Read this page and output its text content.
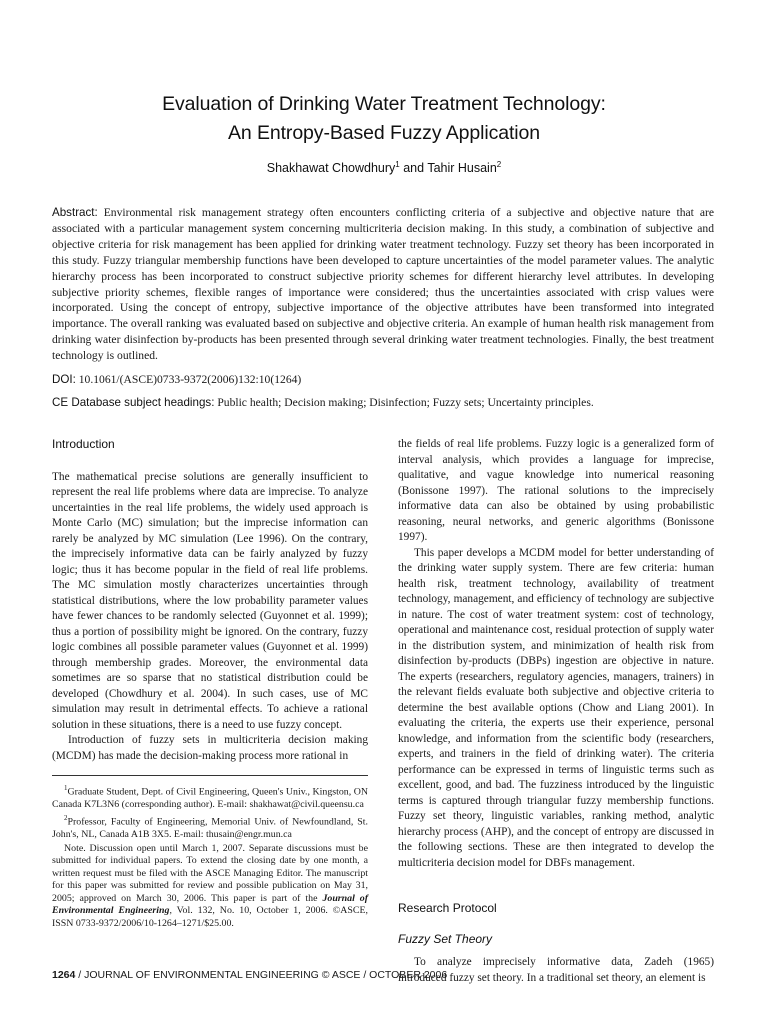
Evaluation of Drinking Water Treatment Technology:
An Entropy-Based Fuzzy Application
Shakhawat Chowdhury$^1$ and Tahir Husain$^2$
Abstract: Environmental risk management strategy often encounters conflicting criteria of a subjective and objective nature that are associated with a particular management system concerning multicriteria decision making. In this study, a combination of subjective and objective criteria for risk management has been applied for drinking water treatment technology. Fuzzy set theory has been incorporated in this study. Fuzzy triangular membership functions have been developed to capture uncertainties of the model parameter values. The analytic hierarchy process has been incorporated to construct subjective priority schemes for different hierarchy level attributes. In developing subjective priority schemes, flexible ranges of importance were considered; thus the uncertainties associated with crisp values were incorporated. Using the concept of entropy, subjective importance of the objective attributes have been transformed into integrated importance. The overall ranking was evaluated based on subjective and objective criteria. An example of human health risk management from drinking water disinfection by-products has been presented through several drinking water treatment technologies. Finally, the best treatment technology is outlined.
DOI: 10.1061/(ASCE)0733-9372(2006)132:10(1264)
CE Database subject headings: Public health; Decision making; Disinfection; Fuzzy sets; Uncertainty principles.
Introduction

The mathematical precise solutions are generally insufficient to represent the real life problems where data are imprecise. To analyze uncertainties in the real life problems, the widely used approach is Monte Carlo (MC) simulation; but the imprecise information can rarely be analyzed by MC simulation (Lee 1996). On the contrary, the imprecisely informative data can be fairly analyzed by fuzzy logic; thus it has become popular in the field of real life problems. The MC simulation mostly characterizes uncertainties through statistical distributions, where the low probability parameter values have fewer chances to be randomly selected (Guyonnet et al. 1999); thus a portion of possibility might be ignored. On the contrary, fuzzy logic combines all possible parameter values (Guyonnet et al. 1999) through membership grades. Moreover, the environmental data sometimes are so sparse that no statistical distribution could be developed (Chowdhury et al. 2004). In such cases, use of MC simulation may result in detrimental effects. To achieve a rational solution in these situations, there is a need to use fuzzy concept.

Introduction of fuzzy sets in multicriteria decision making (MCDM) has made the decision-making process more rational in

$^1$Graduate Student, Dept. of Civil Engineering, Queen's Univ., Kingston, ON Canada K7L3N6 (corresponding author). E-mail: shakhawat@civil.queensu.ca

$^2$Professor, Faculty of Engineering, Memorial Univ. of Newfoundland, St. John's, NL, Canada A1B 3X5. E-mail: thusain@engr.mun.ca

Note. Discussion open until March 1, 2007. Separate discussions must be submitted for individual papers. To extend the closing date by one month, a written request must be filed with the ASCE Managing Editor. The manuscript for this paper was submitted for review and possible publication on May 31, 2005; approved on March 30, 2006. This paper is part of the Journal of Environmental Engineering, Vol. 132, No. 10, October 1, 2006. ©ASCE, ISSN 0733-9372/2006/10-1264–1271/$25.00.

the fields of real life problems. Fuzzy logic is a generalized form of interval analysis, which provides a language for imprecise, qualitative, and vague knowledge into numerical reasoning (Bonissone 1997). The rational solutions to the imprecisely informative data can also be obtained by using probabilistic reasoning, neural networks, and generic algorithms (Bonissone 1997).

This paper develops a MCDM model for better understanding of the drinking water supply system. There are few criteria: human health risk, treatment technology, availability of treatment technology, management, and efficiency of technology are subjective in nature. The cost of water treatment system: cost of technology, operational and maintenance cost, residual protection of supply water in the distribution system, and minimization of health risk from disinfection by-products (DBPs) ingestion are objective in nature. The experts (researchers, regulatory agencies, managers, trainers) in the relevant fields evaluate both subjective and objective criteria to determine the best available options (Chow and Liang 2001). In evaluating the criteria, the experts use their experience, personal knowledge, and information from the scientific body (researchers, experts, and trainers in the field of drinking water). The criteria performance can be expressed in terms of linguistic terms such as excellent, good, and bad. The fuzziness introduced by the linguistic terms is captured through triangular fuzzy membership functions. Fuzzy set theory, linguistic variables, ranking method, analytic hierarchy process (AHP), and the concept of entropy are discussed in the following sections. These are then integrated to develop the multicriteria decision model for DBFs management.

Research Protocol
Fuzzy Set Theory

To analyze imprecisely informative data, Zadeh (1965) introduced fuzzy set theory. In a traditional set theory, an element is

1264 / JOURNAL OF ENVIRONMENTAL ENGINEERING © ASCE / OCTOBER 2006
